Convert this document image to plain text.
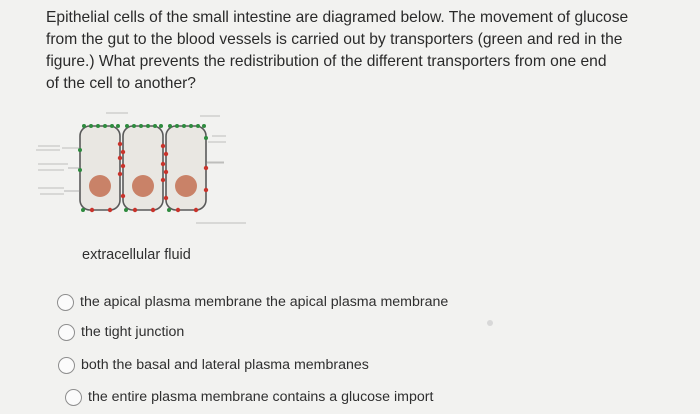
Epithelial cells of the small intestine are diagramed below. The movement of glucose

from the gut to the blood vessels is carried out by transporters (green and red in the

figure.) What prevents the redistribution of the different transporters from one end

of the cell to another?

extracellular fluid
the apical plasma membrane the apical plasma membrane
the tight junction
both the basal and lateral plasma membranes
the entire plasma membrane contains a glucose import
